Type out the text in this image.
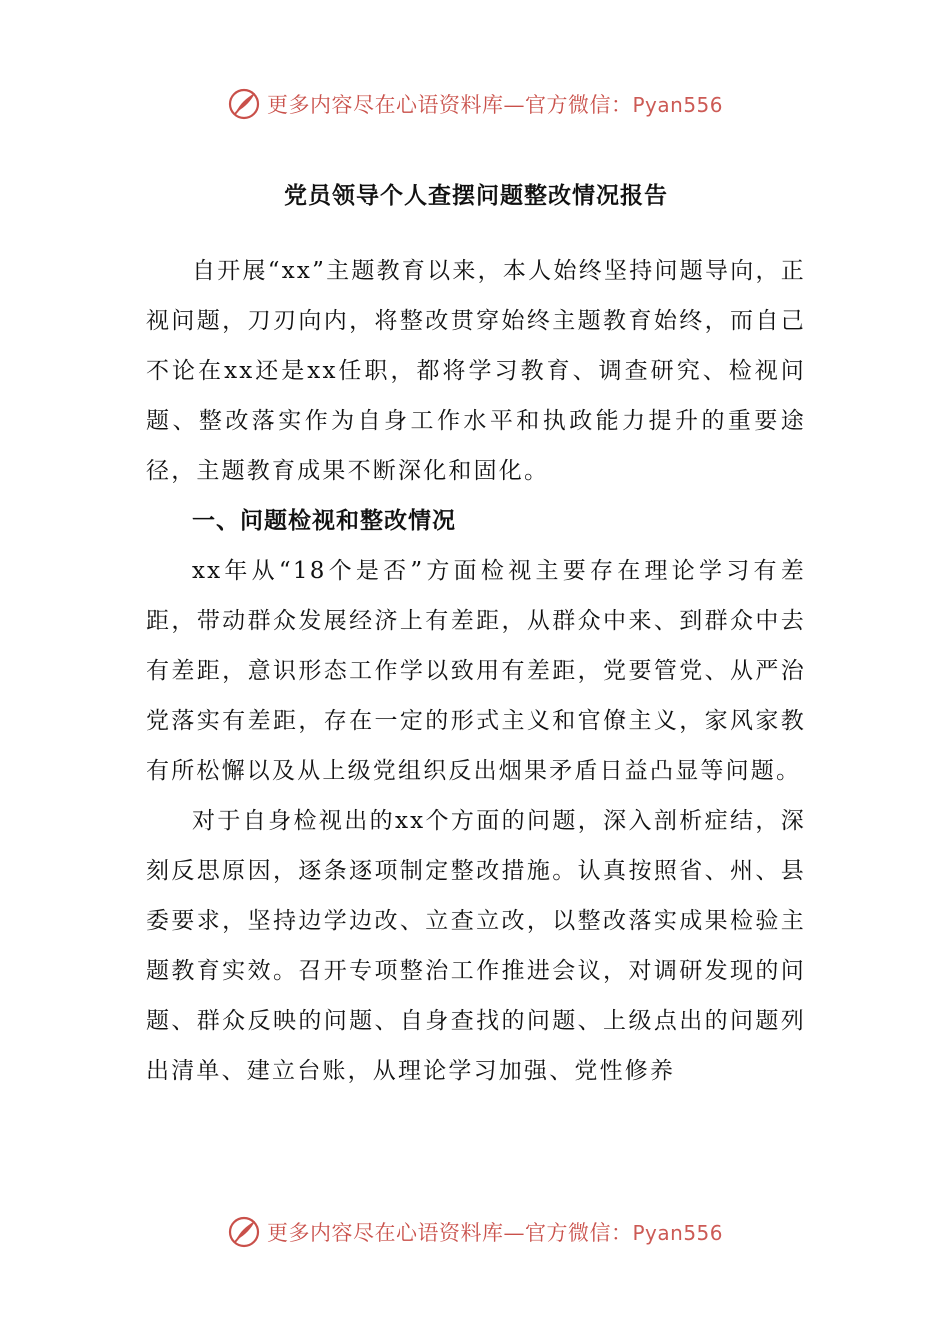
更多内容尽在心语资料库—官方微信：Pyan556
党员领导个人查摆问题整改情况报告

自开展“xx”主题教育以来，本人始终坚持问题导向，正视问题，刀刃向内，将整改贯穿始终主题教育始终，而自己不论在xx还是xx任职，都将学习教育、调查研究、检视问题、整改落实作为自身工作水平和执政能力提升的重要途径，主题教育成果不断深化和固化。

一、问题检视和整改情况

xx年从“18个是否”方面检视主要存在理论学习有差距，带动群众发展经济上有差距，从群众中来、到群众中去有差距，意识形态工作学以致用有差距，党要管党、从严治党落实有差距，存在一定的形式主义和官僚主义，家风家教有所松懈以及从上级党组织反出烟果矛盾日益凸显等问题。

对于自身检视出的xx个方面的问题，深入剖析症结，深刻反思原因，逐条逐项制定整改措施。认真按照省、州、县委要求，坚持边学边改、立查立改，以整改落实成果检验主题教育实效。召开专项整治工作推进会议，对调研发现的问题、群众反映的问题、自身查找的问题、上级点出的问题列出清单、建立台账，从理论学习加强、党性修养

更多内容尽在心语资料库—官方微信：Pyan556
